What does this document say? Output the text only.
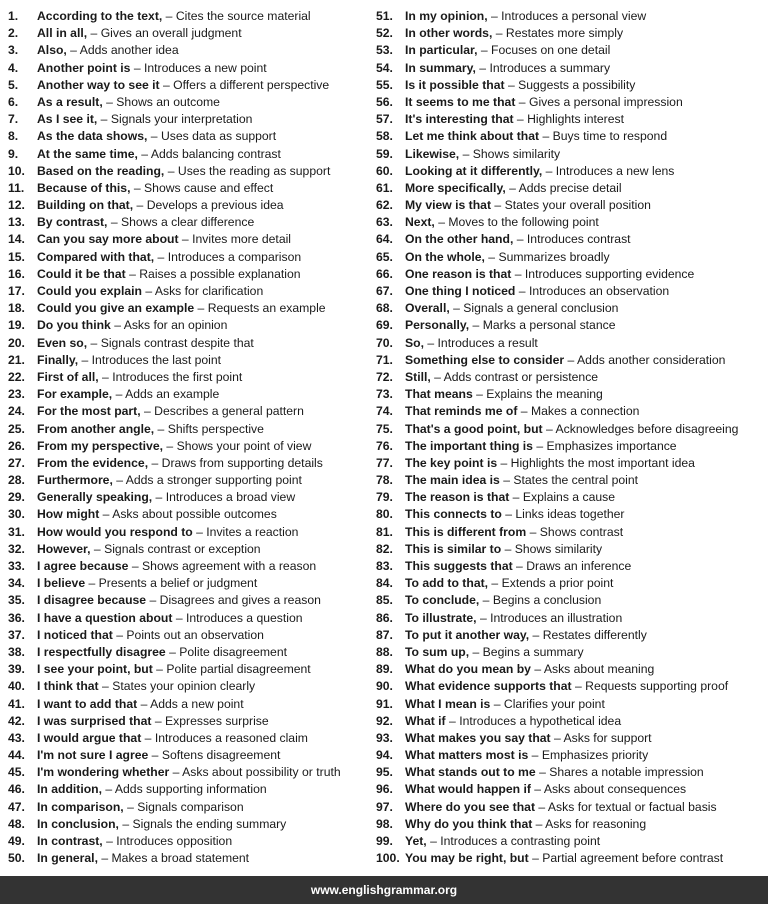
1. According to the text, – Cites the source material
2. All in all, – Gives an overall judgment
3. Also, – Adds another idea
4. Another point is – Introduces a new point
5. Another way to see it – Offers a different perspective
6. As a result, – Shows an outcome
7. As I see it, – Signals your interpretation
8. As the data shows, – Uses data as support
9. At the same time, – Adds balancing contrast
10. Based on the reading, – Uses the reading as support
11. Because of this, – Shows cause and effect
12. Building on that, – Develops a previous idea
13. By contrast, – Shows a clear difference
14. Can you say more about – Invites more detail
15. Compared with that, – Introduces a comparison
16. Could it be that – Raises a possible explanation
17. Could you explain – Asks for clarification
18. Could you give an example – Requests an example
19. Do you think – Asks for an opinion
20. Even so, – Signals contrast despite that
21. Finally, – Introduces the last point
22. First of all, – Introduces the first point
23. For example, – Adds an example
24. For the most part, – Describes a general pattern
25. From another angle, – Shifts perspective
26. From my perspective, – Shows your point of view
27. From the evidence, – Draws from supporting details
28. Furthermore, – Adds a stronger supporting point
29. Generally speaking, – Introduces a broad view
30. How might – Asks about possible outcomes
31. How would you respond to – Invites a reaction
32. However, – Signals contrast or exception
33. I agree because – Shows agreement with a reason
34. I believe – Presents a belief or judgment
35. I disagree because – Disagrees and gives a reason
36. I have a question about – Introduces a question
37. I noticed that – Points out an observation
38. I respectfully disagree – Polite disagreement
39. I see your point, but – Polite partial disagreement
40. I think that – States your opinion clearly
41. I want to add that – Adds a new point
42. I was surprised that – Expresses surprise
43. I would argue that – Introduces a reasoned claim
44. I'm not sure I agree – Softens disagreement
45. I'm wondering whether – Asks about possibility or truth
46. In addition, – Adds supporting information
47. In comparison, – Signals comparison
48. In conclusion, – Signals the ending summary
49. In contrast, – Introduces opposition
50. In general, – Makes a broad statement
51. In my opinion, – Introduces a personal view
52. In other words, – Restates more simply
53. In particular, – Focuses on one detail
54. In summary, – Introduces a summary
55. Is it possible that – Suggests a possibility
56. It seems to me that – Gives a personal impression
57. It's interesting that – Highlights interest
58. Let me think about that – Buys time to respond
59. Likewise, – Shows similarity
60. Looking at it differently, – Introduces a new lens
61. More specifically, – Adds precise detail
62. My view is that – States your overall position
63. Next, – Moves to the following point
64. On the other hand, – Introduces contrast
65. On the whole, – Summarizes broadly
66. One reason is that – Introduces supporting evidence
67. One thing I noticed – Introduces an observation
68. Overall, – Signals a general conclusion
69. Personally, – Marks a personal stance
70. So, – Introduces a result
71. Something else to consider – Adds another consideration
72. Still, – Adds contrast or persistence
73. That means – Explains the meaning
74. That reminds me of – Makes a connection
75. That's a good point, but – Acknowledges before disagreeing
76. The important thing is – Emphasizes importance
77. The key point is – Highlights the most important idea
78. The main idea is – States the central point
79. The reason is that – Explains a cause
80. This connects to – Links ideas together
81. This is different from – Shows contrast
82. This is similar to – Shows similarity
83. This suggests that – Draws an inference
84. To add to that, – Extends a prior point
85. To conclude, – Begins a conclusion
86. To illustrate, – Introduces an illustration
87. To put it another way, – Restates differently
88. To sum up, – Begins a summary
89. What do you mean by – Asks about meaning
90. What evidence supports that – Requests supporting proof
91. What I mean is – Clarifies your point
92. What if – Introduces a hypothetical idea
93. What makes you say that – Asks for support
94. What matters most is – Emphasizes priority
95. What stands out to me – Shares a notable impression
96. What would happen if – Asks about consequences
97. Where do you see that – Asks for textual or factual basis
98. Why do you think that – Asks for reasoning
99. Yet, – Introduces a contrasting point
100. You may be right, but – Partial agreement before contrast
www.englishgrammar.org
